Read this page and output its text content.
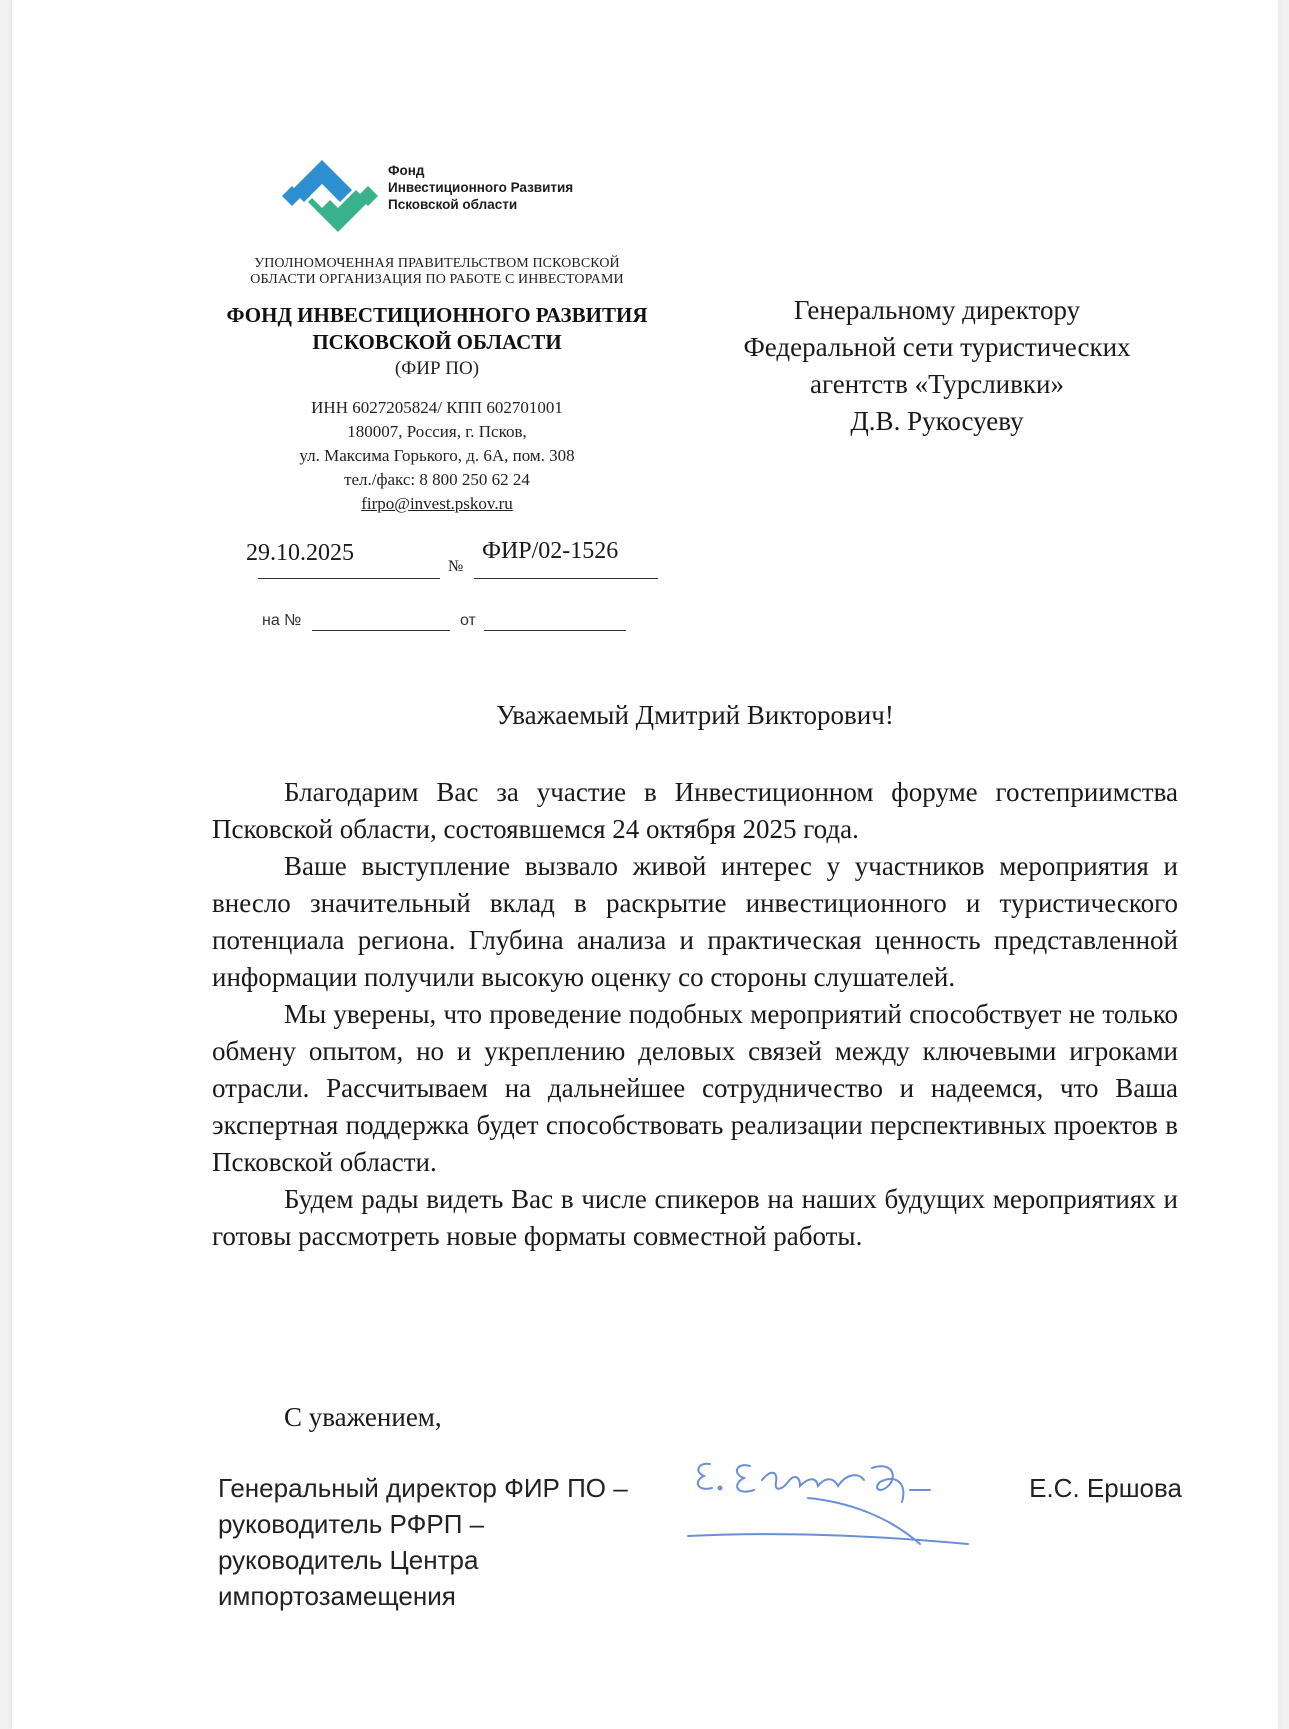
Фонд
Инвестиционного Развития
Псковской области
УПОЛНОМОЧЕННАЯ ПРАВИТЕЛЬСТВОМ ПСКОВСКОЙ
ОБЛАСТИ ОРГАНИЗАЦИЯ ПО РАБОТЕ С ИНВЕСТОРАМИ
ФОНД ИНВЕСТИЦИОННОГО РАЗВИТИЯ
ПСКОВСКОЙ ОБЛАСТИ
(ФИР ПО)
ИНН 6027205824/ КПП 602701001
180007, Россия, г. Псков,
ул. Максима Горького, д. 6А, пом. 308
тел./факс: 8 800 250 62 24
firpo@invest.pskov.ru
29.10.2025
№
ФИР/02-1526
на №	от
Генеральному директору
Федеральной сети туристических
агентств «Турсливки»
Д.В. Рукосуеву
Уважаемый Дмитрий Викторович!

Благодарим Вас за участие в Инвестиционном форуме гостеприимства Псковской области, состоявшемся 24 октября 2025 года.

Ваше выступление вызвало живой интерес у участников мероприятия и внесло значительный вклад в раскрытие инвестиционного и туристического потенциала региона. Глубина анализа и практическая ценность представленной информации получили высокую оценку со стороны слушателей.

Мы уверены, что проведение подобных мероприятий способствует не только обмену опытом, но и укреплению деловых связей между ключевыми игроками отрасли. Рассчитываем на дальнейшее сотрудничество и надеемся, что Ваша экспертная поддержка будет способствовать реализации перспективных проектов в Псковской области.

Будем рады видеть Вас в числе спикеров на наших будущих мероприятиях и готовы рассмотреть новые форматы совместной работы.

С уважением,
Генеральный директор ФИР ПО –
руководитель РФРП –
руководитель Центра
импортозамещения
Е.С. Ершова
